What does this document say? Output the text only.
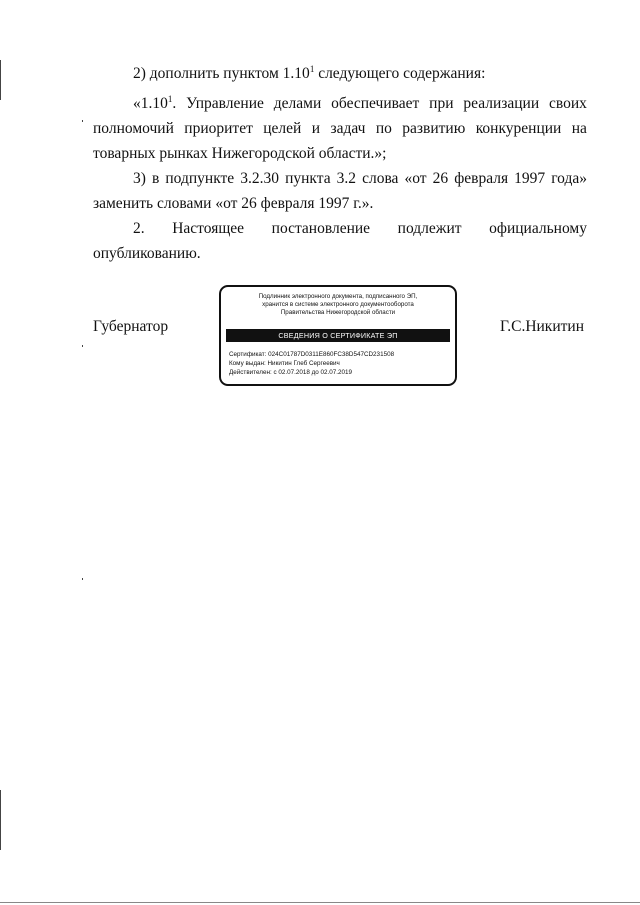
2) дополнить пунктом 1.10$^1$ следующего содержания:
«1.10$^1$. Управление делами обеспечивает при реализации своих
полномочий приоритет целей и задач по развитию конкуренции на
товарных рынках Нижегородской области.»;
3) в подпункте 3.2.30 пункта 3.2 слова «от 26 февраля 1997 года»
заменить словами «от 26 февраля 1997 г.».
2. Настоящее постановление подлежит официальному
опубликованию.
Губернатор	Г.С.Никитин
Подлинник электронного документа, подписанного ЭП,
хранится в системе электронного документооборота
Правительства Нижегородской области
СВЕДЕНИЯ О СЕРТИФИКАТЕ ЭП
Сертификат: 024C01787D0311E860FC38D547CD231508
Кому выдан: Никитин Глеб Сергеевич
Действителен: с 02.07.2018 до 02.07.2019
